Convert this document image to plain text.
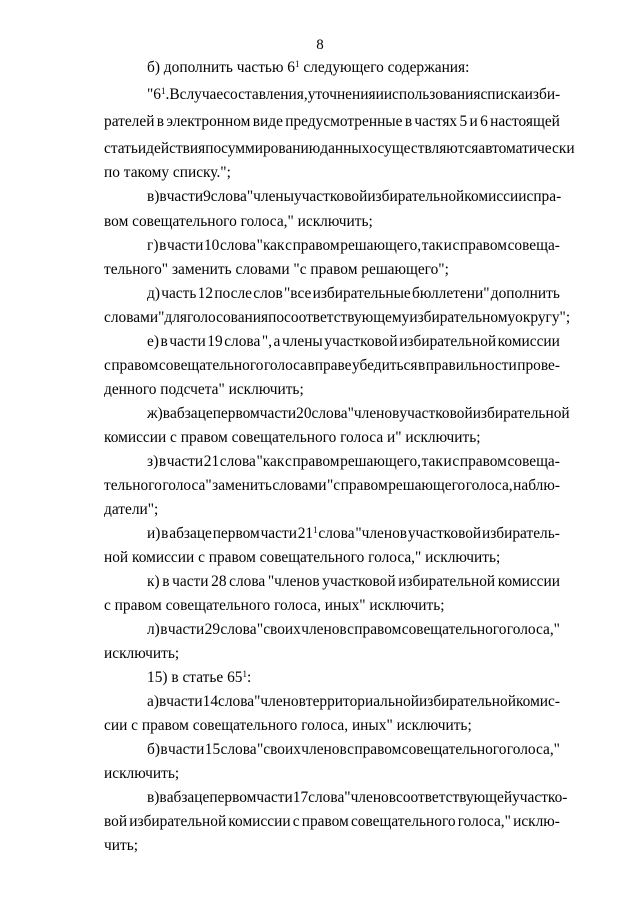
8
б) дополнить частью $6^1$ следующего содержания:
"$6^1$. В случае составления, уточнения и использования списка изби-
рателей в электронном виде предусмотренные в частях 5 и 6 настоящей
статьи действия по суммированию данных осуществляются автоматически
по такому списку.";
в) в части 9 слова "члены участковой избирательной комиссии с пра-
вом совещательного голоса," исключить;
г) в части 10 слова "как с правом решающего, так и с правом совеща-
тельного" заменить словами "с правом решающего";
д) часть 12 после слов "все избирательные бюллетени" дополнить
словами "для голосования по соответствующему избирательному округу";
е) в части 19 слова ", а члены участковой избирательной комиссии
с правом совещательного голоса вправе убедиться в правильности прове-
денного подсчета" исключить;
ж) в абзаце первом части 20 слова "членов участковой избирательной
комиссии с правом совещательного голоса и" исключить;
з) в части 21 слова "как с правом решающего, так и с правом совеща-
тельного голоса" заменить словами "с правом решающего голоса, наблю-
датели";
и) в абзаце первом части $21^1$ слова "членов участковой избиратель-
ной комиссии с правом совещательного голоса," исключить;
к) в части 28 слова "членов участковой избирательной комиссии
с правом совещательного голоса, иных" исключить;
л) в части 29 слова "своих членов с правом совещательного голоса,"
исключить;
15) в статье $65^1$:
а) в части 14 слова "членов территориальной избирательной комис-
сии с правом совещательного голоса, иных" исключить;
б) в части 15 слова "своих членов с правом совещательного голоса,"
исключить;
в) в абзаце первом части 17 слова "членов соответствующей участко-
вой избирательной комиссии с правом совещательного голоса," исклю-
чить;
